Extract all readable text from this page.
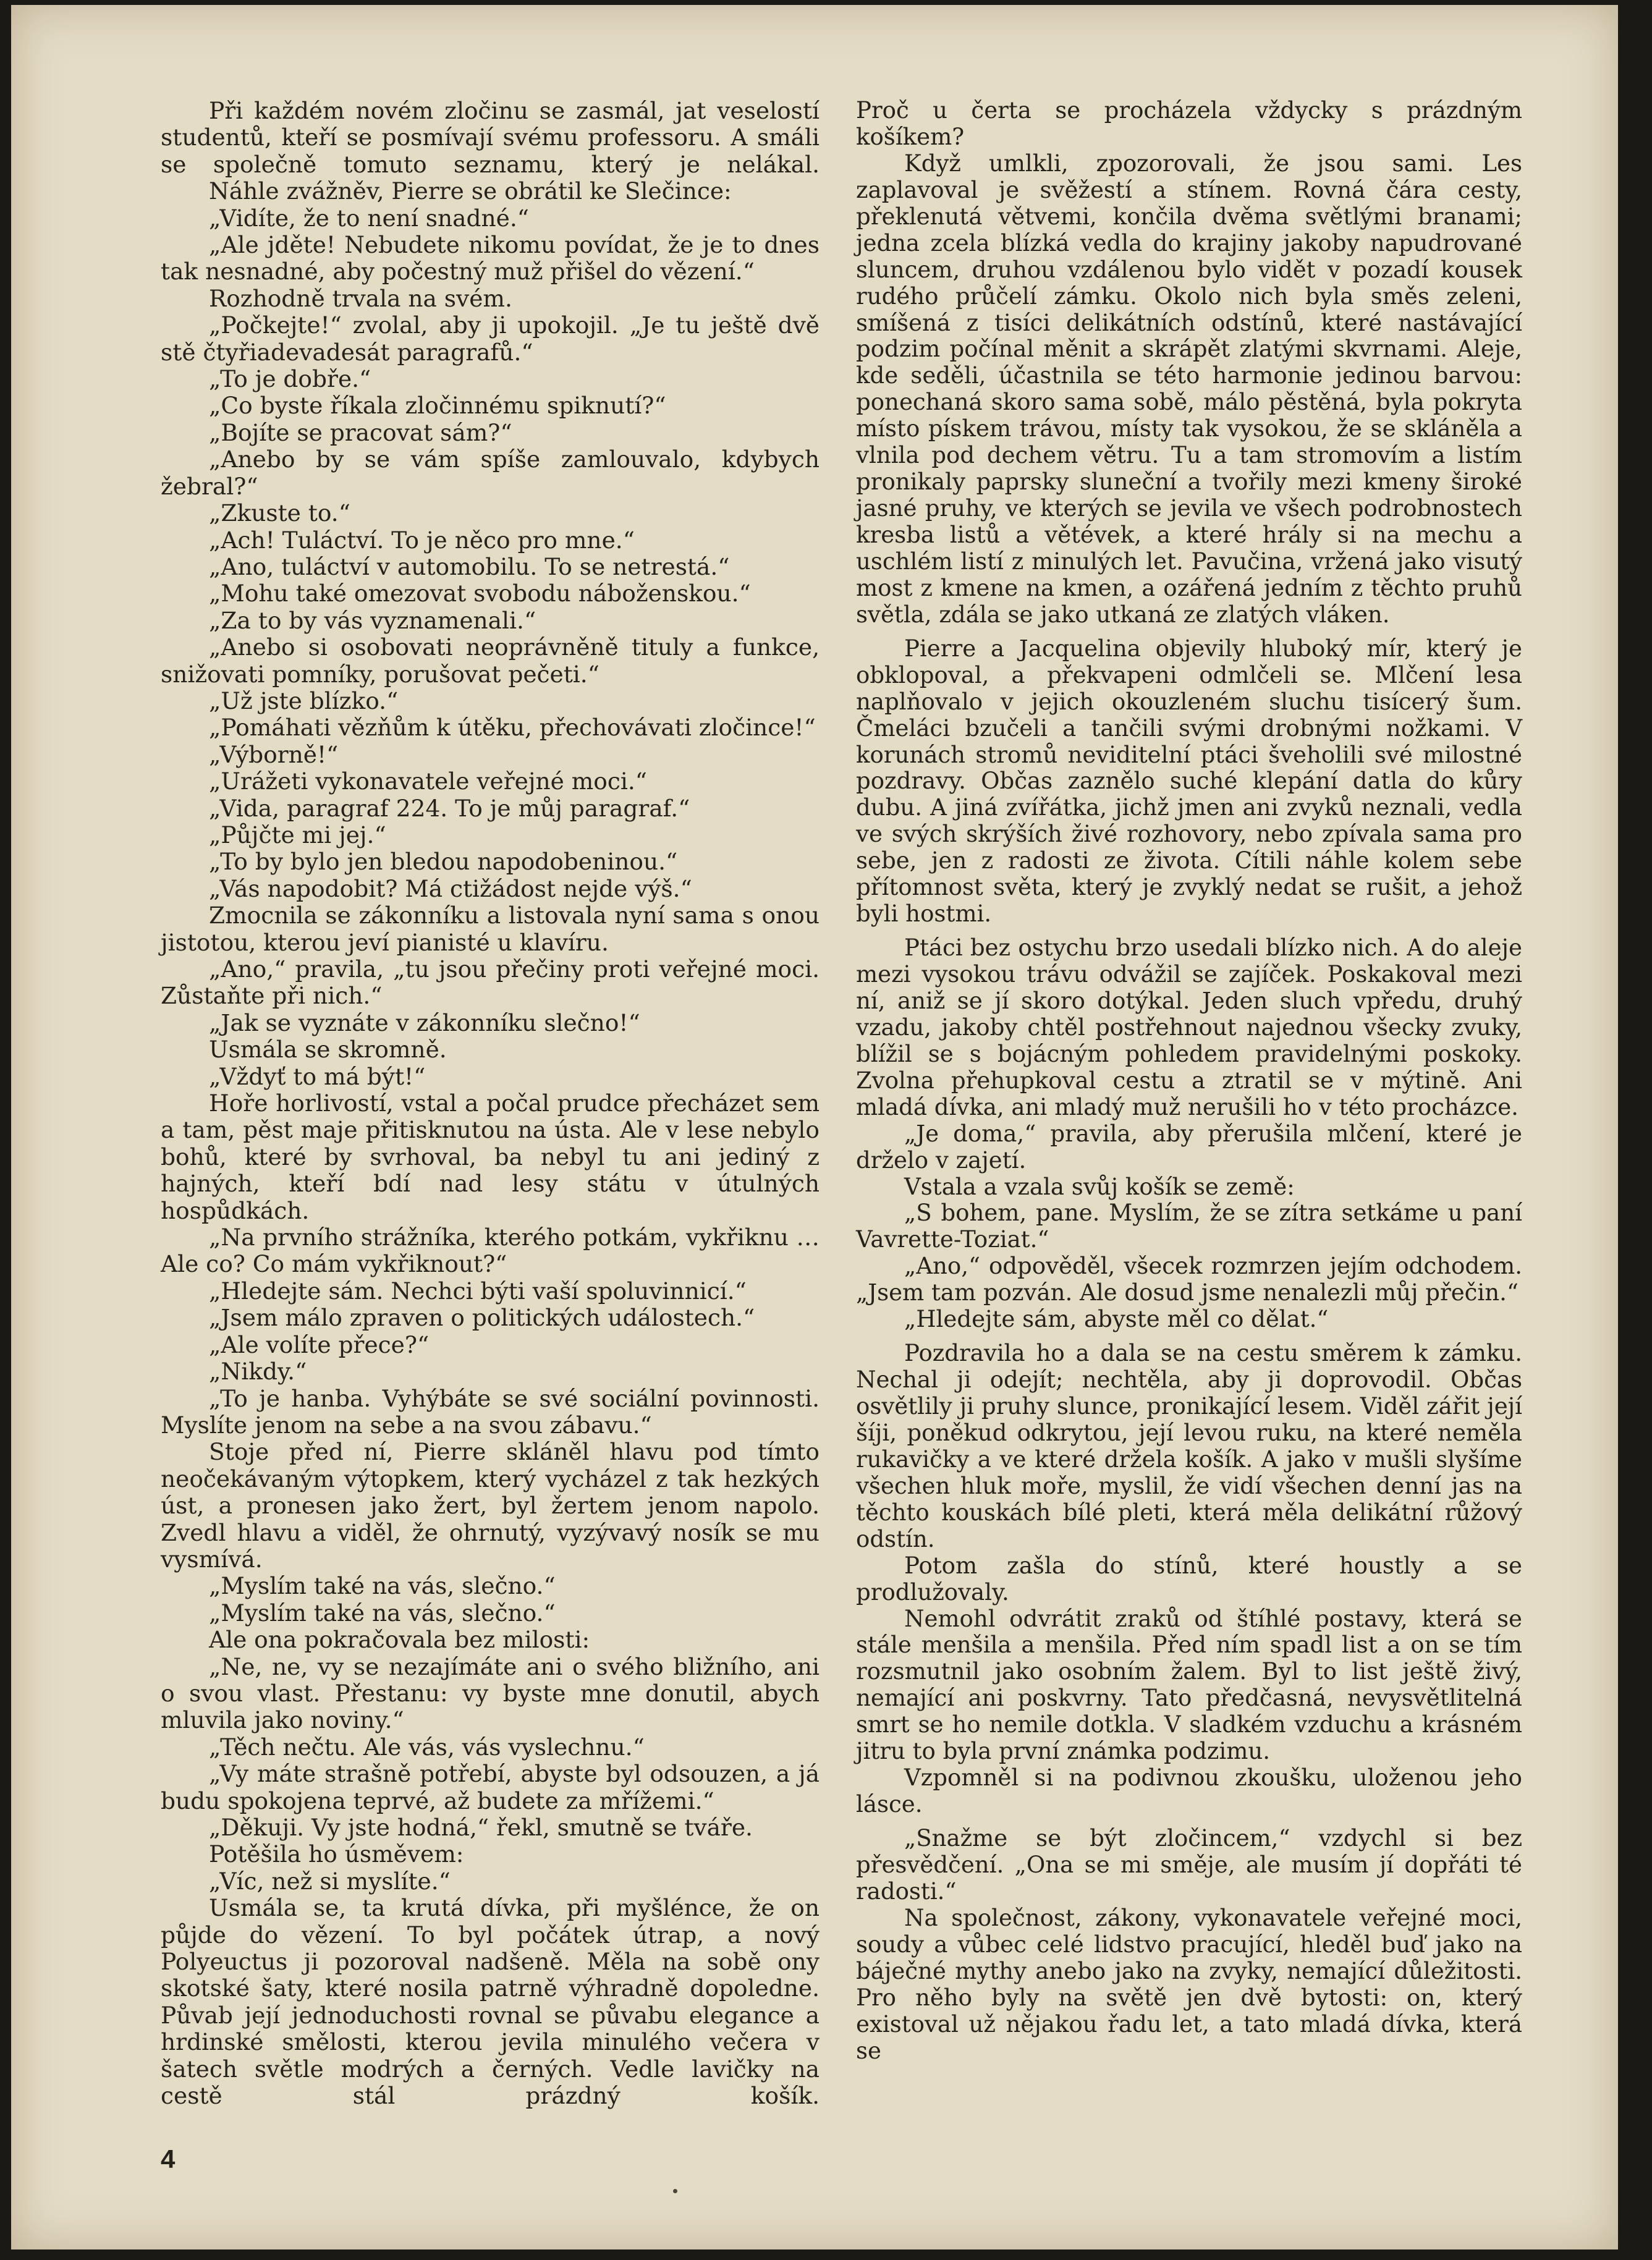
Při každém novém zločinu se zasmál, jat veselostí studentů, kteří se posmívají svému professoru. A smáli se společně tomuto seznamu, který je nelákal.

Náhle zvážněv, Pierre se obrátil ke Slečince:

„Vidíte, že to není snadné.“

„Ale jděte! Nebudete nikomu povídat, že je to dnes tak nesnadné, aby počestný muž přišel do vězení.“

Rozhodně trvala na svém.

„Počkejte!“ zvolal, aby ji upokojil. „Je tu ještě dvě stě čtyřiadevadesát paragrafů.“

„To je dobře.“

„Co byste říkala zločinnému spiknutí?“

„Bojíte se pracovat sám?“

„Anebo by se vám spíše zamlouvalo, kdybych žebral?“

„Zkuste to.“

„Ach! Tuláctví. To je něco pro mne.“

„Ano, tuláctví v automobilu. To se netrestá.“

„Mohu také omezovat svobodu náboženskou.“

„Za to by vás vyznamenali.“

„Anebo si osobovati neoprávněně tituly a funkce, snižovati pomníky, porušovat pečeti.“

„Už jste blízko.“

„Pomáhati vězňům k útěku, přechovávati zločince!“

„Výborně!“

„Urážeti vykonavatele veřejné moci.“

„Vida, paragraf 224. To je můj paragraf.“

„Půjčte mi jej.“

„To by bylo jen bledou napodobeninou.“

„Vás napodobit? Má ctižádost nejde výš.“

Zmocnila se zákonníku a listovala nyní sama s onou jistotou, kterou jeví pianisté u klavíru.

„Ano,“ pravila, „tu jsou přečiny proti veřejné moci. Zůstaňte při nich.“

„Jak se vyznáte v zákonníku slečno!“

Usmála se skromně.

„Vždyť to má být!“

Hoře horlivostí, vstal a počal prudce přecházet sem a tam, pěst maje přitisknutou na ústa. Ale v lese nebylo bohů, které by svrhoval, ba nebyl tu ani jediný z hajných, kteří bdí nad lesy státu v útulných hospůdkách.

„Na prvního strážníka, kterého potkám, vykřiknu … Ale co? Co mám vykřiknout?“

„Hledejte sám. Nechci býti vaší spoluvinnicí.“

„Jsem málo zpraven o politických událostech.“

„Ale volíte přece?“

„Nikdy.“

„To je hanba. Vyhýbáte se své sociální povinnosti. Myslíte jenom na sebe a na svou zábavu.“

Stoje před ní, Pierre skláněl hlavu pod tímto neočekávaným výtopkem, který vycházel z tak hezkých úst, a pronesen jako žert, byl žertem jenom napolo. Zvedl hlavu a viděl, že ohrnutý, vyzývavý nosík se mu vysmívá.

„Myslím také na vás, slečno.“

„Myslím také na vás, slečno.“

Ale ona pokračovala bez milosti:

„Ne, ne, vy se nezajímáte ani o svého bližního, ani o svou vlast. Přestanu: vy byste mne donutil, abych mluvila jako noviny.“

„Těch nečtu. Ale vás, vás vyslechnu.“

„Vy máte strašně potřebí, abyste byl odsouzen, a já budu spokojena teprvé, až budete za mřížemi.“

„Děkuji. Vy jste hodná,“ řekl, smutně se tváře.

Potěšila ho úsměvem:

„Víc, než si myslíte.“

Usmála se, ta krutá dívka, při myšlénce, že on půjde do vězení. To byl počátek útrap, a nový Polyeuctus ji pozoroval nadšeně. Měla na sobě ony skotské šaty, které nosila patrně výhradně dopoledne. Půvab její jednoduchosti rovnal se půvabu elegance a hrdinské smělosti, kterou jevila minulého večera v šatech světle modrých a černých. Vedle lavičky na cestě stál prázdný košík.

Proč u čerta se procházela vždycky s prázdným košíkem?

Když umlkli, zpozorovali, že jsou sami. Les zaplavoval je svěžestí a stínem. Rovná čára cesty, překlenutá větvemi, končila dvěma světlými branami; jedna zcela blízká vedla do krajiny jakoby napudrované sluncem, druhou vzdálenou bylo vidět v pozadí kousek rudého průčelí zámku. Okolo nich byla směs zeleni, smíšená z tisíci delikátních odstínů, které nastávající podzim počínal měnit a skrápět zlatými skvrnami. Aleje, kde seděli, účastnila se této harmonie jedinou barvou: ponechaná skoro sama sobě, málo pěstěná, byla pokryta místo pískem trávou, místy tak vysokou, že se skláněla a vlnila pod dechem větru. Tu a tam stromovím a listím pronikaly paprsky sluneční a tvořily mezi kmeny široké jasné pruhy, ve kterých se jevila ve všech podrobnostech kresba listů a větévek, a které hrály si na mechu a uschlém listí z minulých let. Pavučina, vržená jako visutý most z kmene na kmen, a ozářená jedním z těchto pruhů světla, zdála se jako utkaná ze zlatých vláken.

Pierre a Jacquelina objevily hluboký mír, který je obklopoval, a překvapeni odmlčeli se. Mlčení lesa naplňovalo v jejich okouzleném sluchu tisícerý šum. Čmeláci bzučeli a tančili svými drobnými nožkami. V korunách stromů neviditelní ptáci šveholili své milostné pozdravy. Občas zaznělo suché klepání datla do kůry dubu. A jiná zvířátka, jichž jmen ani zvyků neznali, vedla ve svých skrýších živé rozhovory, nebo zpívala sama pro sebe, jen z radosti ze života. Cítili náhle kolem sebe přítomnost světa, který je zvyklý nedat se rušit, a jehož byli hostmi.

Ptáci bez ostychu brzo usedali blízko nich. A do aleje mezi vysokou trávu odvážil se zajíček. Poskakoval mezi ní, aniž se jí skoro dotýkal. Jeden sluch vpředu, druhý vzadu, jakoby chtěl postřehnout najednou všecky zvuky, blížil se s bojácným pohledem pravidelnými poskoky. Zvolna přehupkoval cestu a ztratil se v mýtině. Ani mladá dívka, ani mladý muž nerušili ho v této procházce.

„Je doma,“ pravila, aby přerušila mlčení, které je drželo v zajetí.

Vstala a vzala svůj košík se země:

„S bohem, pane. Myslím, že se zítra setkáme u paní Vavrette-Toziat.“

„Ano,“ odpověděl, všecek rozmrzen jejím odchodem. „Jsem tam pozván. Ale dosud jsme nenalezli můj přečin.“

„Hledejte sám, abyste měl co dělat.“

Pozdravila ho a dala se na cestu směrem k zámku. Nechal ji odejít; nechtěla, aby ji doprovodil. Občas osvětlily ji pruhy slunce, pronikající lesem. Viděl zářit její šíji, poněkud odkrytou, její levou ruku, na které neměla rukavičky a ve které držela košík. A jako v mušli slyšíme všechen hluk moře, myslil, že vidí všechen denní jas na těchto kouskách bílé pleti, která měla delikátní růžový odstín.

Potom zašla do stínů, které houstly a se prodlužovaly.

Nemohl odvrátit zraků od štíhlé postavy, která se stále menšila a menšila. Před ním spadl list a on se tím rozsmutnil jako osobním žalem. Byl to list ještě živý, nemající ani poskvrny. Tato předčasná, nevysvětlitelná smrt se ho nemile dotkla. V sladkém vzduchu a krásném jitru to byla první známka podzimu.

Vzpomněl si na podivnou zkoušku, uloženou jeho lásce.

„Snažme se být zločincem,“ vzdychl si bez přesvědčení. „Ona se mi směje, ale musím jí dopřáti té radosti.“

Na společnost, zákony, vykonavatele veřejné moci, soudy a vůbec celé lidstvo pracující, hleděl buď jako na báječné mythy anebo jako na zvyky, nemající důležitosti. Pro něho byly na světě jen dvě bytosti: on, který existoval už nějakou řadu let, a tato mladá dívka, která se

4
